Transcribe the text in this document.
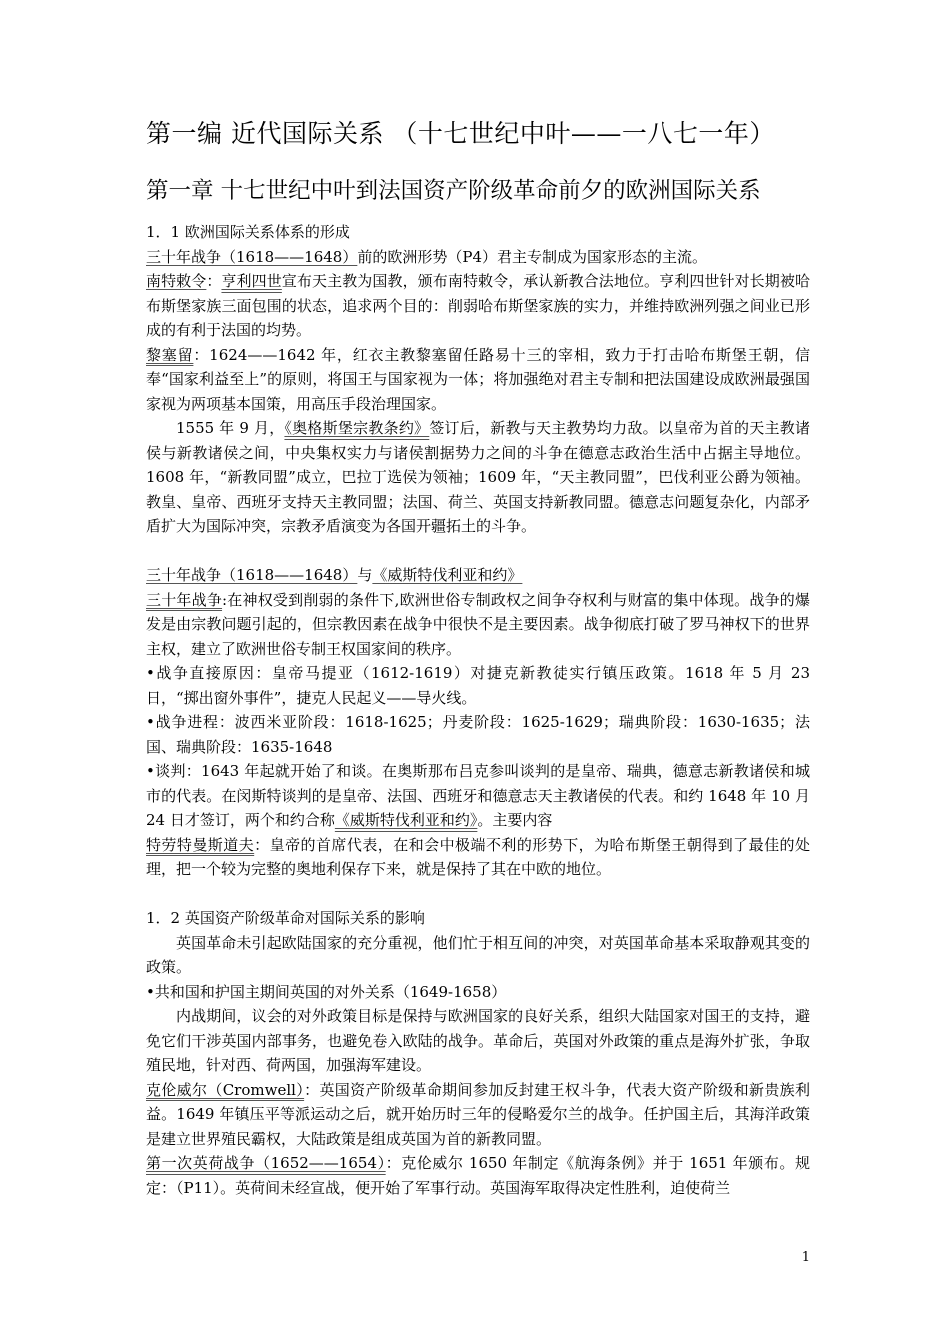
第一编 近代国际关系 （十七世纪中叶——一八七一年）
第一章 十七世纪中叶到法国资产阶级革命前夕的欧洲国际关系

1．1 欧洲国际关系体系的形成

三十年战争（1618——1648）前的欧洲形势（P4）君主专制成为国家形态的主流。

南特敕令：亨利四世宣布天主教为国教，颁布南特敕令，承认新教合法地位。亨利四世针对长期被哈布斯堡家族三面包围的状态，追求两个目的：削弱哈布斯堡家族的实力，并维持欧洲列强之间业已形成的有利于法国的均势。

黎塞留：1624——1642 年，红衣主教黎塞留任路易十三的宰相，致力于打击哈布斯堡王朝，信奉“国家利益至上”的原则，将国王与国家视为一体；将加强绝对君主专制和把法国建设成欧洲最强国家视为两项基本国策，用高压手段治理国家。

1555 年 9 月，《奥格斯堡宗教条约》签订后，新教与天主教势均力敌。以皇帝为首的天主教诸侯与新教诸侯之间，中央集权实力与诸侯割据势力之间的斗争在德意志政治生活中占据主导地位。1608 年，“新教同盟”成立，巴拉丁选侯为领袖；1609 年，“天主教同盟”，巴伐利亚公爵为领袖。教皇、皇帝、西班牙支持天主教同盟；法国、荷兰、英国支持新教同盟。德意志问题复杂化，内部矛盾扩大为国际冲突，宗教矛盾演变为各国开疆拓土的斗争。

三十年战争（1618——1648）与《威斯特伐利亚和约》

三十年战争:在神权受到削弱的条件下,欧洲世俗专制政权之间争夺权利与财富的集中体现。战争的爆发是由宗教问题引起的，但宗教因素在战争中很快不是主要因素。战争彻底打破了罗马神权下的世界主权，建立了欧洲世俗专制王权国家间的秩序。

•战争直接原因：皇帝马提亚（1612-1619）对捷克新教徒实行镇压政策。1618 年 5 月 23 日，“掷出窗外事件”，捷克人民起义——导火线。

•战争进程：波西米亚阶段：1618-1625；丹麦阶段：1625-1629；瑞典阶段：1630-1635；法国、瑞典阶段：1635-1648

•谈判：1643 年起就开始了和谈。在奥斯那布吕克参叫谈判的是皇帝、瑞典，德意志新教诸侯和城市的代表。在闵斯特谈判的是皇帝、法国、西班牙和德意志天主教诸侯的代表。和约 1648 年 10 月 24 日才签订，两个和约合称《威斯特伐利亚和约》。主要内容

特劳特曼斯道夫：皇帝的首席代表，在和会中极端不利的形势下，为哈布斯堡王朝得到了最佳的处理，把一个较为完整的奥地利保存下来，就是保持了其在中欧的地位。

1．2 英国资产阶级革命对国际关系的影响

英国革命未引起欧陆国家的充分重视，他们忙于相互间的冲突，对英国革命基本采取静观其变的政策。

•共和国和护国主期间英国的对外关系（1649-1658）

内战期间，议会的对外政策目标是保持与欧洲国家的良好关系，组织大陆国家对国王的支持，避免它们干涉英国内部事务，也避免卷入欧陆的战争。革命后，英国对外政策的重点是海外扩张，争取殖民地，针对西、荷两国，加强海军建设。

克伦威尔（Cromwell）：英国资产阶级革命期间参加反封建王权斗争，代表大资产阶级和新贵族利益。1649 年镇压平等派运动之后，就开始历时三年的侵略爱尔兰的战争。任护国主后，其海洋政策是建立世界殖民霸权，大陆政策是组成英国为首的新教同盟。

第一次英荷战争（1652——1654）：克伦威尔 1650 年制定《航海条例》并于 1651 年颁布。规定：（P11）。英荷间未经宣战，便开始了军事行动。英国海军取得决定性胜利，迫使荷兰

1
